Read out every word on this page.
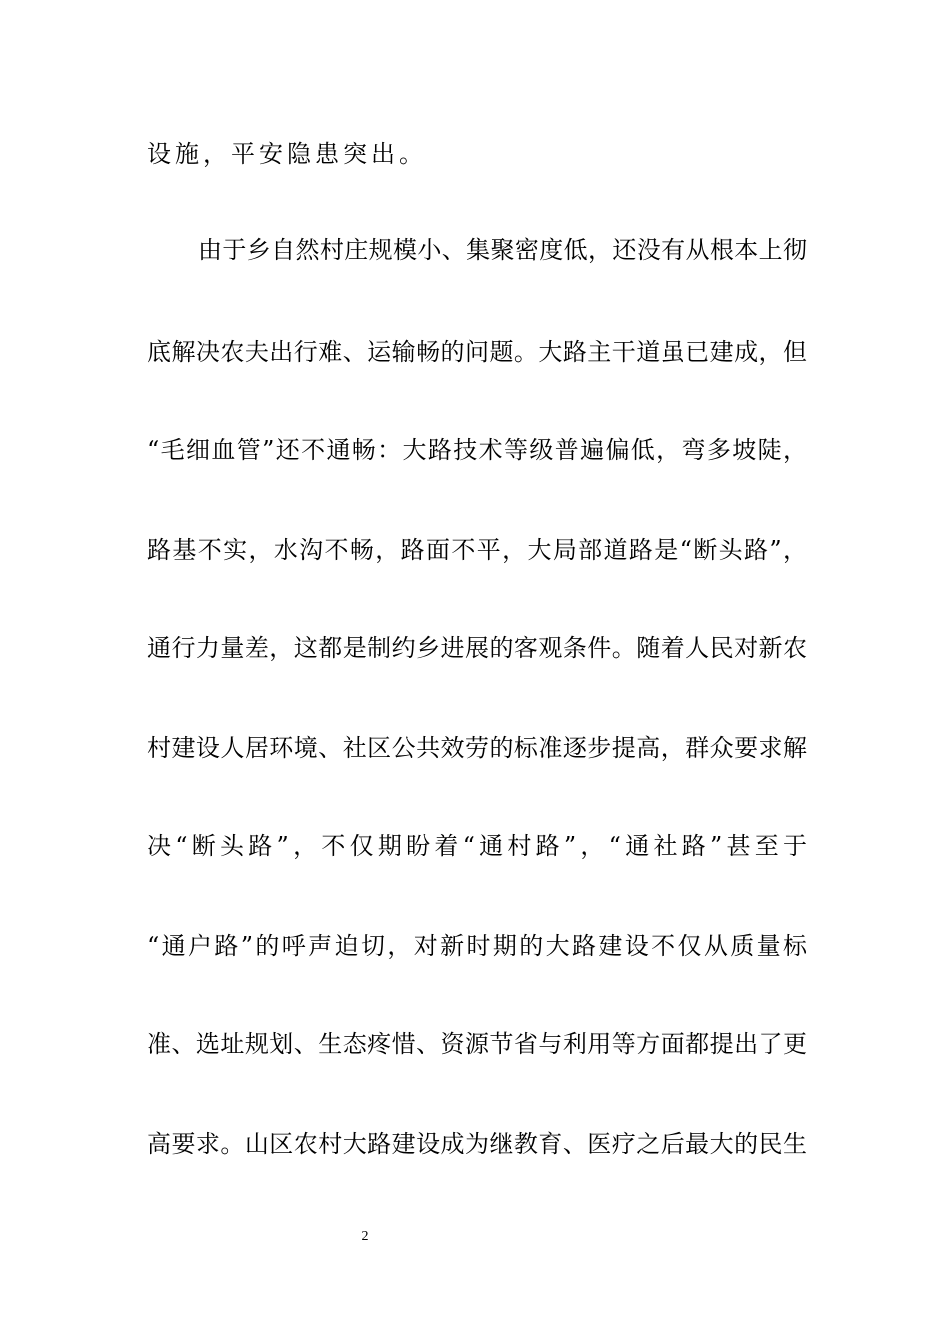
设施，平安隐患突出。
由于乡自然村庄规模小、集聚密度低，还没有从根本上彻
底解决农夫出行难、运输畅的问题。大路主干道虽已建成，但
“毛细血管”还不通畅：大路技术等级普遍偏低，弯多坡陡，
路基不实，水沟不畅，路面不平，大局部道路是“断头路”，
通行力量差，这都是制约乡进展的客观条件。随着人民对新农
村建设人居环境、社区公共效劳的标准逐步提高，群众要求解
决“断头路”，不仅期盼着“通村路”，“通社路”甚至于
“通户路”的呼声迫切，对新时期的大路建设不仅从质量标
准、选址规划、生态疼惜、资源节省与利用等方面都提出了更
高要求。山区农村大路建设成为继教育、医疗之后最大的民生
2
